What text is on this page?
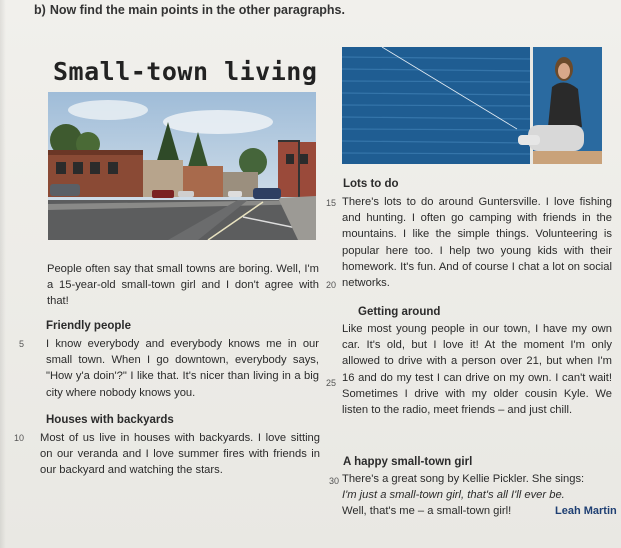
b) Now find the main points in the other paragraphs.
Small-town living
People often say that small towns are boring. Well, I'm a 15-year-old small-town girl and I don't agree with that!
Friendly people
5 I know everybody and everybody knows me in our small town. When I go downtown, everybody says, "How y'a doin'?" I like that. It's nicer than living in a big city where nobody knows you.
Houses with backyards
10 Most of us live in houses with backyards. I love sitting on our veranda and I love summer fires with friends in our backyard and watching the stars.
Lots to do
15
20
There's lots to do around Guntersville. I love fishing and hunting. I often go camping with friends in the mountains. I like the simple things. Volunteering is popular here too. I help two young kids with their homework. It's fun. And of course I chat a lot on social networks.
Getting around
25
Like most young people in our town, I have my own car. It's old, but I love it! At the moment I'm only allowed to drive with a person over 21, but when I'm 16 and do my test I can drive on my own. I can't wait! Sometimes I drive with my older cousin Kyle. We listen to the radio, meet friends – and just chill.
A happy small-town girl
30 There's a great song by Kellie Pickler. She sings:
I'm just a small-town girl, that's all I'll ever be.
Well, that's me – a small-town girl!	Leah Martin
